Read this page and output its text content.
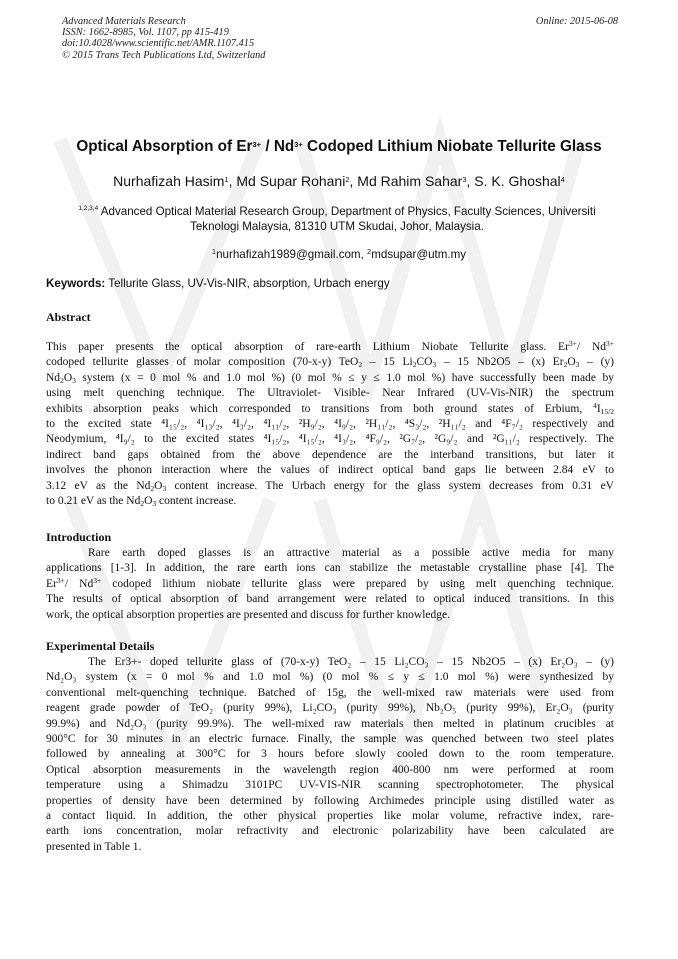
Advanced Materials Research
ISSN: 1662-8985, Vol. 1107, pp 415-419
doi:10.4028/www.scientific.net/AMR.1107.415
© 2015 Trans Tech Publications Ltd, Switzerland
Online: 2015-06-08
Optical Absorption of $Er^{3+} / Nd^{3+}$ Codoped Lithium Niobate Tellurite Glass
Nurhafizah Hasim$^1$, Md Supar Rohani$^2$, Md Rahim Sahar$^3$, S. K. Ghoshal$^4$
$^{1,2,3,4}$ Advanced Optical Material Research Group, Department of Physics, Faculty Sciences, Universiti
Teknologi Malaysia, 81310 UTM Skudai, Johor, Malaysia.
$^1$nurhafizah1989@gmail.com, $^2$mdsupar@utm.my
Keywords: Tellurite Glass, UV-Vis-NIR, absorption, Urbach energy
Abstract
This paper presents the optical absorption of rare-earth Lithium Niobate Tellurite glass. $Er^{3+}/$ $Nd^{3+}$
codoped tellurite glasses of molar composition (70-x-y) TeO$_2$ – 15 $Li_2CO_3 - 15$ Nb2O5 – (x) $Er_2O_3 - (y)$
$Nd_2O_3$ system (x = 0 mol % and 1.0 mol %) (0 mol % ≤ y ≤ 1.0 mol %) have successfully been made by
using melt quenching technique. The Ultraviolet- Visible- Near Infrared (UV-Vis-NIR) the spectrum
exhibits absorption peaks which corresponded to transitions from both ground states of Erbium, $^4I_{15/2}$
to the excited state ⁴I₁₅/₂, ⁴I₁₃/₂, ⁴I₃/₂, ⁴I₁₁/₂, ²H₉/₂, ⁴I₉/₂, ²H₁₁/₂, ⁴S₃/₂, ²H₁₁/₂ and ⁴F₇/₂ respectively and
Neodymium, ⁴I₉/₂ to the excited states ⁴I₁₅/₂, ⁴I₁₅/₂, ⁴I₃/₂, ⁴F₉/₂, ²G₇/₂, ²G₉/₂ and ²G₁₁/₂ respectively. The
indirect band gaps obtained from the above dependence are the interband transitions, but later it
involves the phonon interaction where the values of indirect optical band gaps lie between 2.84 eV to
3.12 eV as the $Nd_2O_3$ content increase. The Urbach energy for the glass system decreases from 0.31 eV
to 0.21 eV as the $Nd_2O_3$ content increase.
Introduction
Rare earth doped glasses is an attractive material as a possible active media for many
applications [1-3]. In addition, the rare earth ions can stabilize the metastable crystalline phase [4]. The
$Er^{3+}/$ $Nd^{3+}$ codoped lithium niobate tellurite glass were prepared by using melt quenching technique.
The results of optical absorption of band arrangement were related to optical induced transitions. In this
work, the optical absorption properties are presented and discuss for further knowledge.
Experimental Details
The Er3+- doped tellurite glass of (70-x-y) TeO₂ – 15 Li₂CO₃ – 15 Nb2O5 – (x) Er₂O₃ – (y)
Nd₂O₃ system (x = 0 mol % and 1.0 mol %) (0 mol % ≤ y ≤ 1.0 mol %) were synthesized by
conventional melt-quenching technique. Batched of 15g, the well-mixed raw materials were used from
reagent grade powder of TeO₂ (purity 99%), Li₂CO₃ (purity 99%), Nb₂O₅ (purity 99%), Er₂O₃ (purity
99.9%) and Nd₂O₃ (purity 99.9%). The well-mixed raw materials then melted in platinum crucibles at
900°C for 30 minutes in an electric furnace. Finally, the sample was quenched between two steel plates
followed by annealing at 300°C for 3 hours before slowly cooled down to the room temperature.
Optical absorption measurements in the wavelength region 400-800 nm were performed at room
temperature using a Shimadzu 3101PC UV-VIS-NIR scanning spectrophotometer. The physical
properties of density have been determined by following Archimedes principle using distilled water as
a contact liquid. In addition, the other physical properties like molar volume, refractive index, rare-
earth ions concentration, molar refractivity and electronic polarizability have been calculated are
presented in Table 1.
